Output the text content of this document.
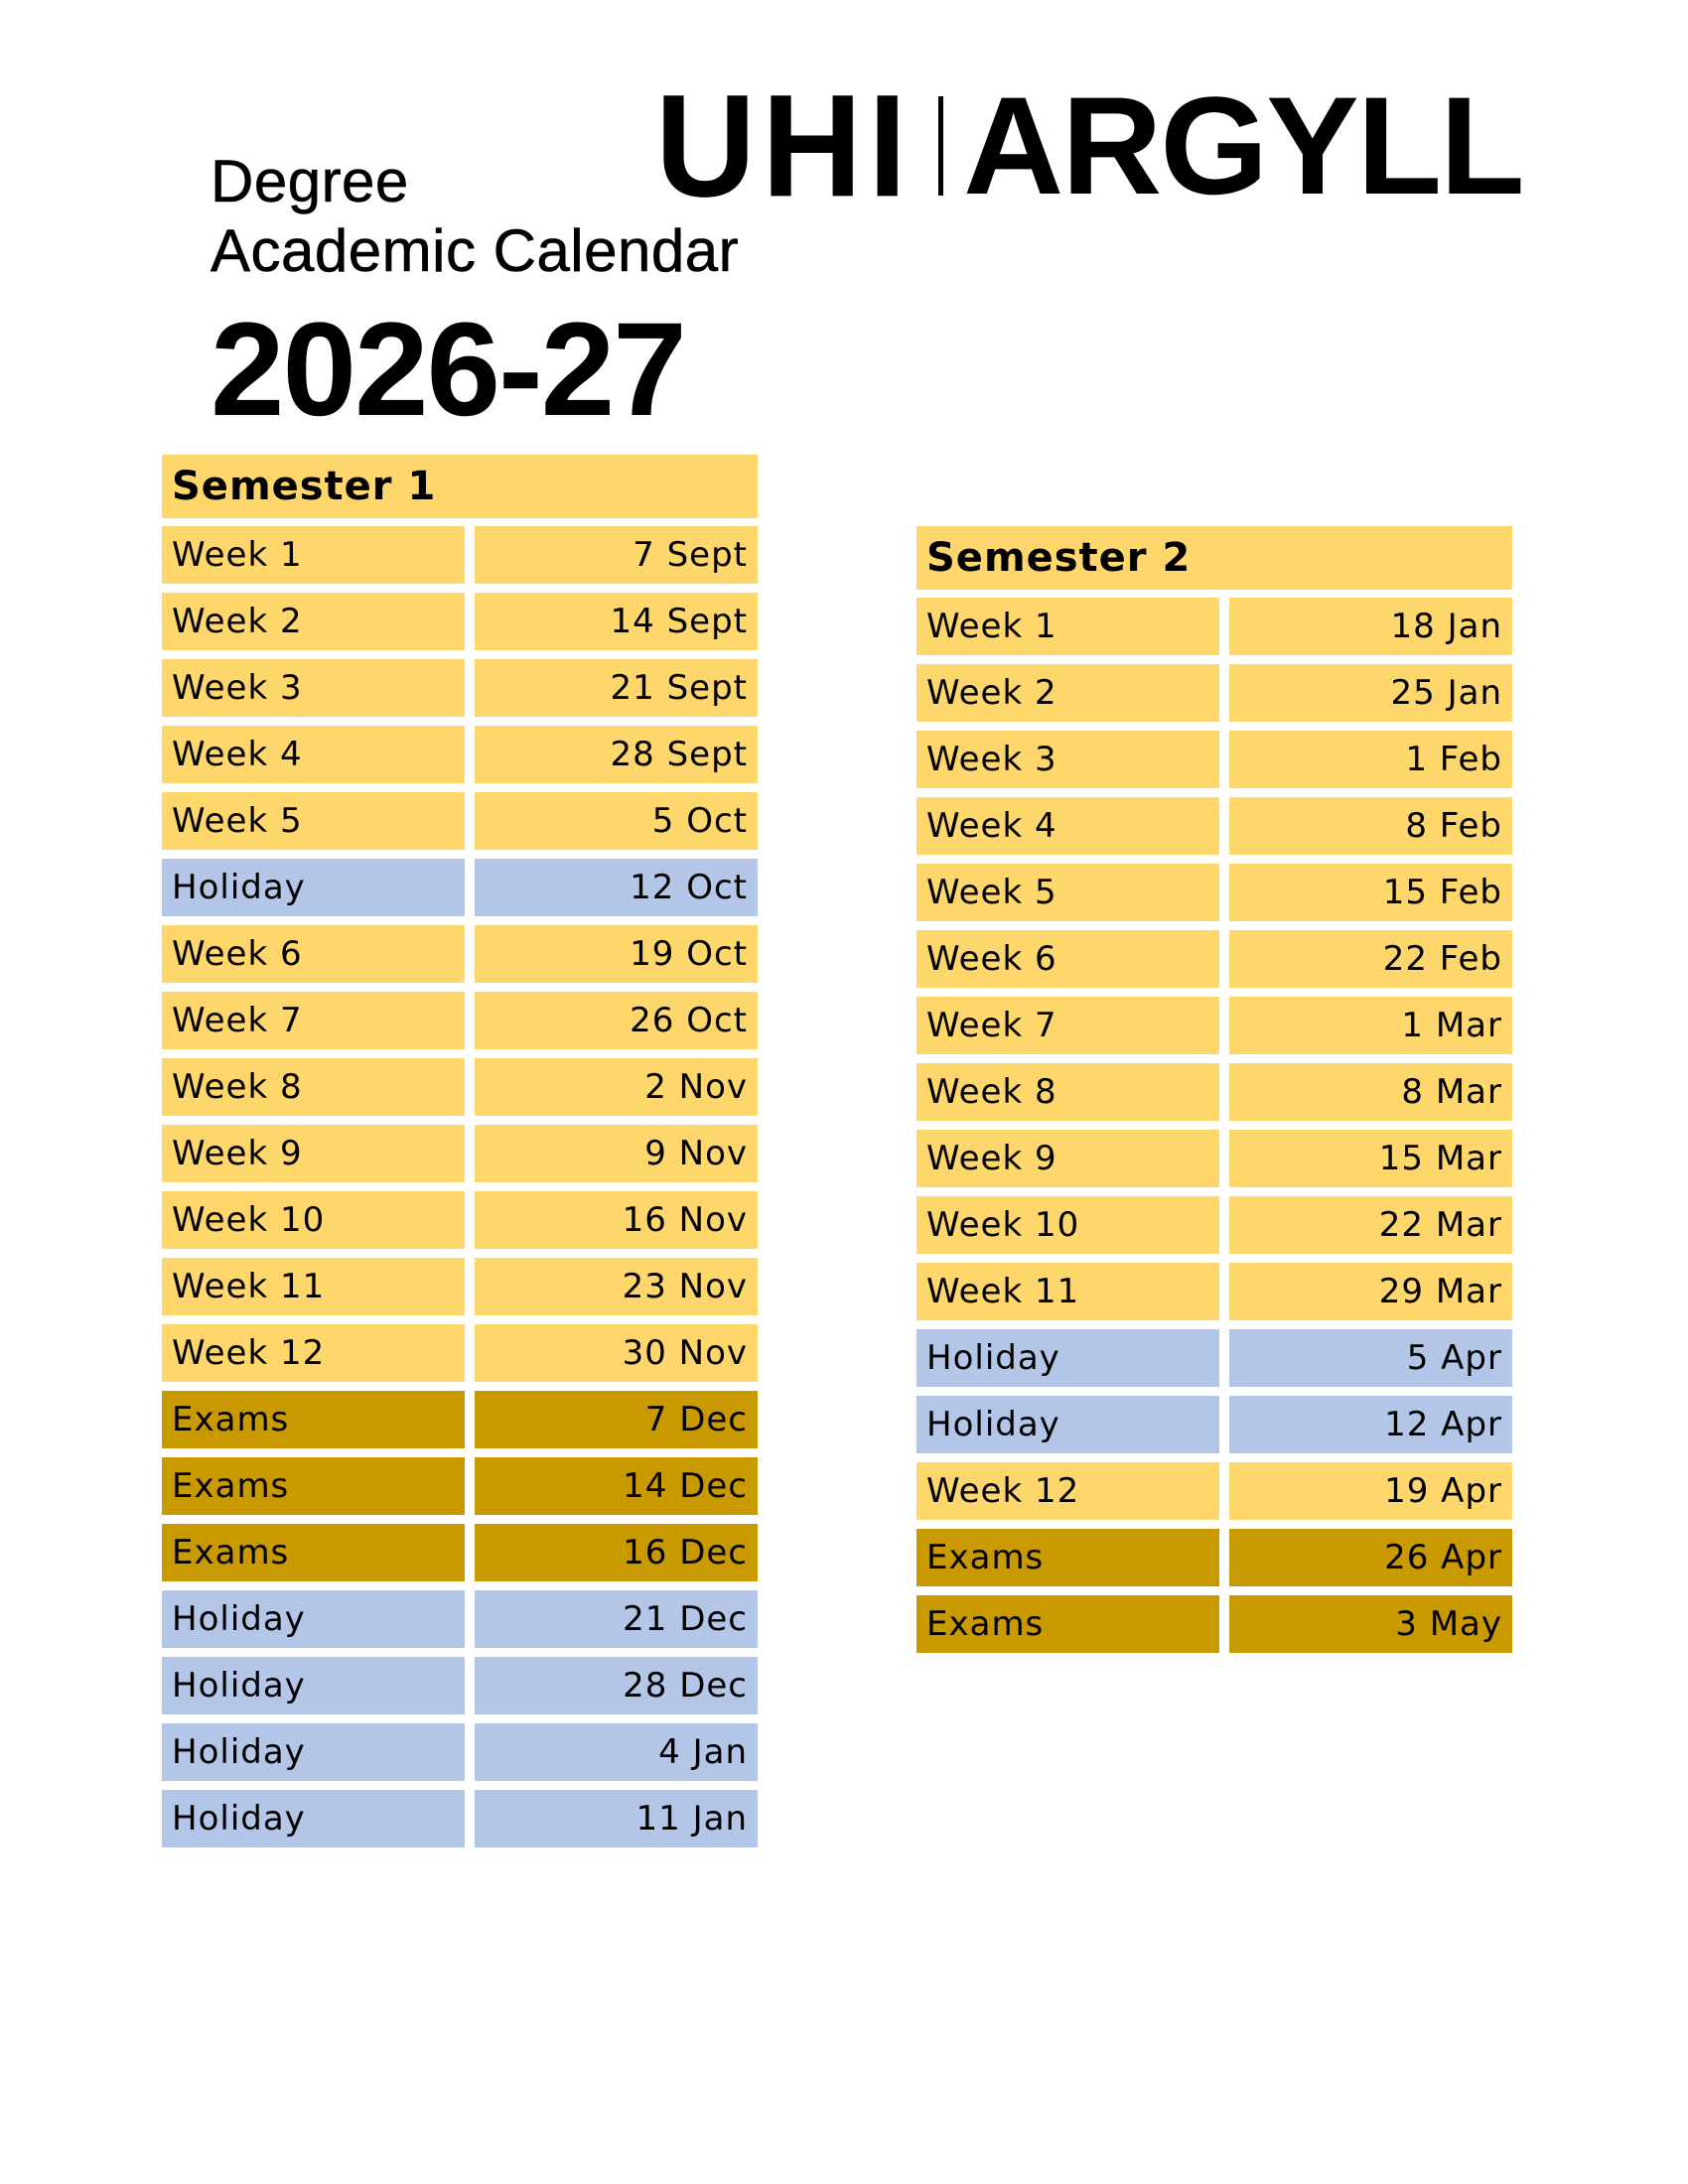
Degree
Academic Calendar
2026-27
UHI ARGYLL
Semester 1
Week 1	7 Sept
Week 2	14 Sept
Week 3	21 Sept
Week 4	28 Sept
Week 5	5 Oct
Holiday	12 Oct
Week 6	19 Oct
Week 7	26 Oct
Week 8	2 Nov
Week 9	9 Nov
Week 10	16 Nov
Week 11	23 Nov
Week 12	30 Nov
Exams	7 Dec
Exams	14 Dec
Exams	16 Dec
Holiday	21 Dec
Holiday	28 Dec
Holiday	4 Jan
Holiday	11 Jan
Semester 2
Week 1	18 Jan
Week 2	25 Jan
Week 3	1 Feb
Week 4	8 Feb
Week 5	15 Feb
Week 6	22 Feb
Week 7	1 Mar
Week 8	8 Mar
Week 9	15 Mar
Week 10	22 Mar
Week 11	29 Mar
Holiday	5 Apr
Holiday	12 Apr
Week 12	19 Apr
Exams	26 Apr
Exams	3 May
